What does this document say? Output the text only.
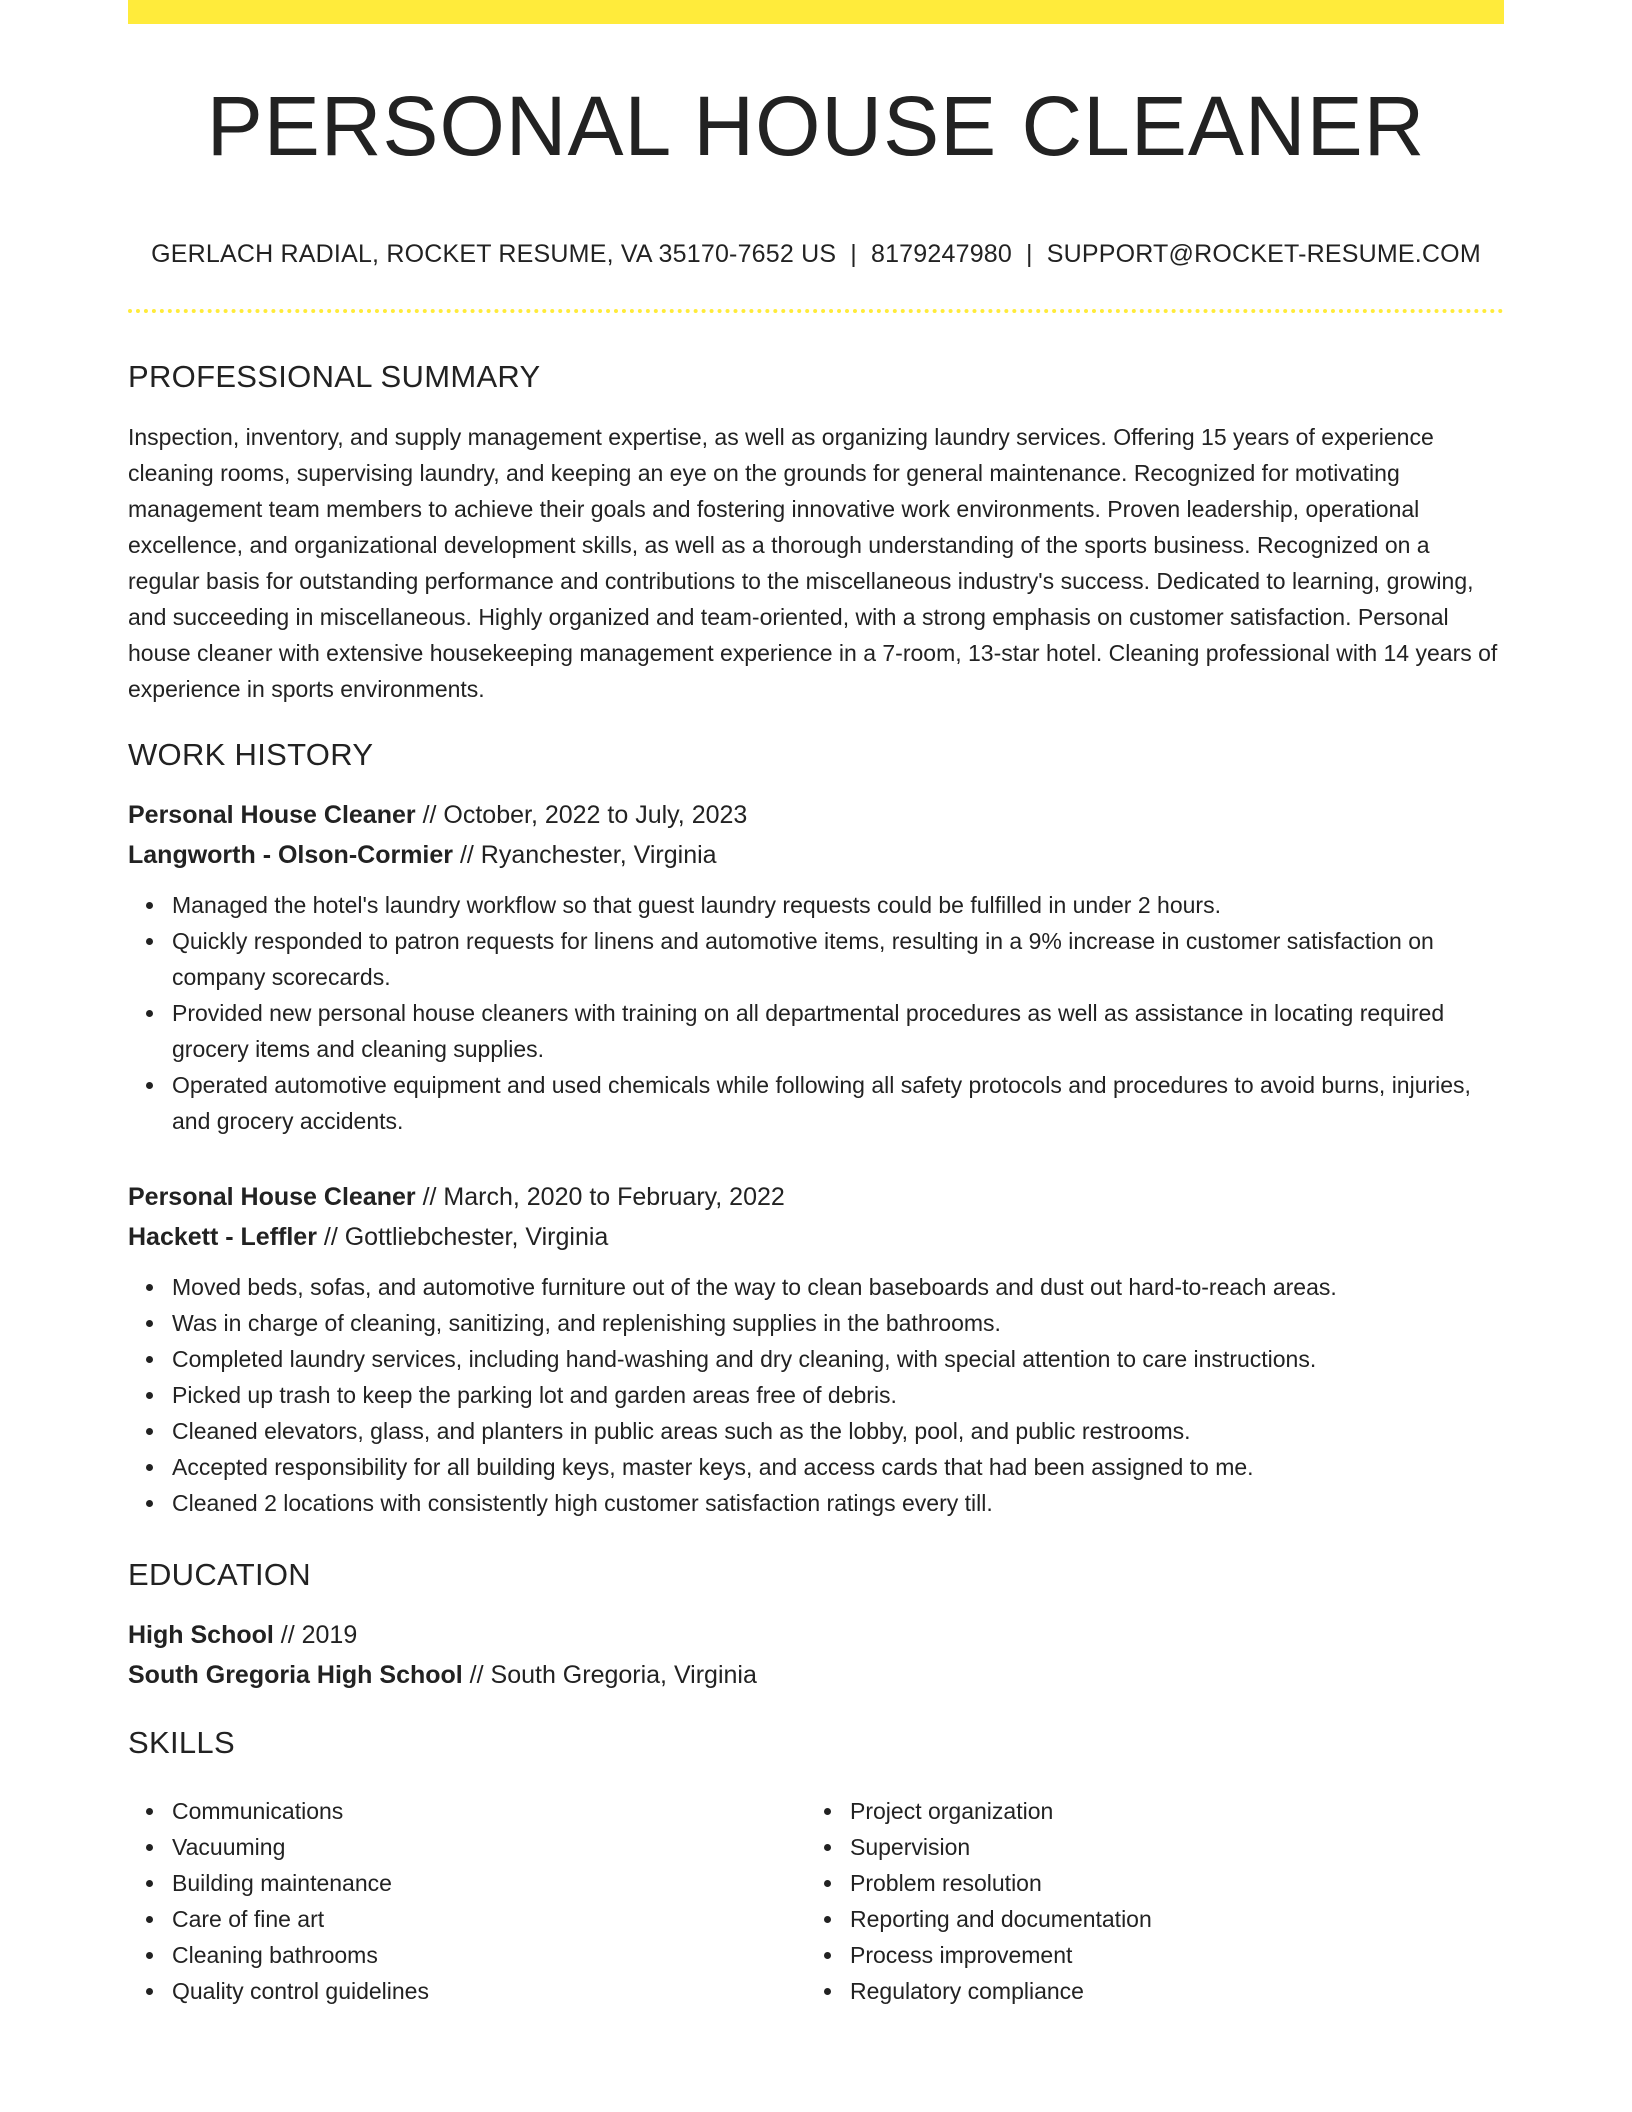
PERSONAL HOUSE CLEANER
GERLACH RADIAL, ROCKET RESUME, VA 35170-7652 US | 8179247980 | SUPPORT@ROCKET-RESUME.COM
PROFESSIONAL SUMMARY

Inspection, inventory, and supply management expertise, as well as organizing laundry services. Offering 15 years of experience cleaning rooms, supervising laundry, and keeping an eye on the grounds for general maintenance. Recognized for motivating management team members to achieve their goals and fostering innovative work environments. Proven leadership, operational excellence, and organizational development skills, as well as a thorough understanding of the sports business. Recognized on a regular basis for outstanding performance and contributions to the miscellaneous industry's success. Dedicated to learning, growing, and succeeding in miscellaneous. Highly organized and team-oriented, with a strong emphasis on customer satisfaction. Personal house cleaner with extensive housekeeping management experience in a 7-room, 13-star hotel. Cleaning professional with 14 years of experience in sports environments.

WORK HISTORY
Personal House Cleaner // October, 2022 to July, 2023
Langworth - Olson-Cormier // Ryanchester, Virginia
Managed the hotel's laundry workflow so that guest laundry requests could be fulfilled in under 2 hours.
Quickly responded to patron requests for linens and automotive items, resulting in a 9% increase in customer satisfaction on company scorecards.
Provided new personal house cleaners with training on all departmental procedures as well as assistance in locating required grocery items and cleaning supplies.
Operated automotive equipment and used chemicals while following all safety protocols and procedures to avoid burns, injuries, and grocery accidents.
Personal House Cleaner // March, 2020 to February, 2022
Hackett - Leffler // Gottliebchester, Virginia
Moved beds, sofas, and automotive furniture out of the way to clean baseboards and dust out hard-to-reach areas.
Was in charge of cleaning, sanitizing, and replenishing supplies in the bathrooms.
Completed laundry services, including hand-washing and dry cleaning, with special attention to care instructions.
Picked up trash to keep the parking lot and garden areas free of debris.
Cleaned elevators, glass, and planters in public areas such as the lobby, pool, and public restrooms.
Accepted responsibility for all building keys, master keys, and access cards that had been assigned to me.
Cleaned 2 locations with consistently high customer satisfaction ratings every till.
EDUCATION
High School // 2019
South Gregoria High School // South Gregoria, Virginia
SKILLS
Communications
Vacuuming
Building maintenance
Care of fine art
Cleaning bathrooms
Quality control guidelines
Project organization
Supervision
Problem resolution
Reporting and documentation
Process improvement
Regulatory compliance
